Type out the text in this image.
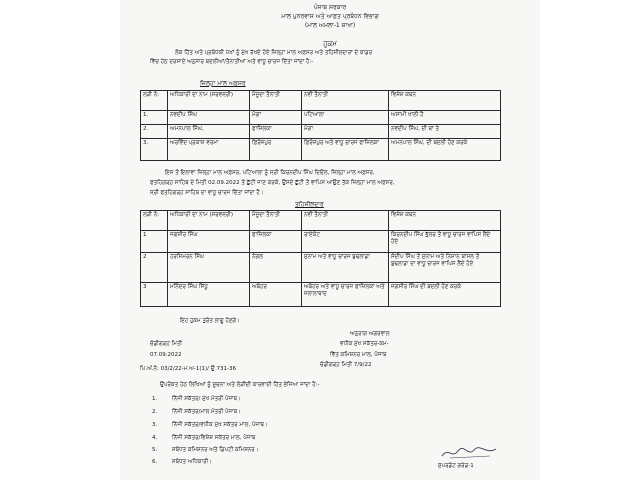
ਪੰਜਾਬ ਸਰਕਾਰ
ਮਾਲ ਪੁਨਰਵਾਸ ਅਤੇ ਆਫ਼ਤ ਪ੍ਰਬੰਧਨ ਵਿਭਾਗ
(ਮਾਲ ਅਮਲਾ-1 ਸ਼ਾਖਾ)
ਹੁਕਮ
ਲੋਕ ਹਿੱਤ ਅਤੇ ਪ੍ਰਬੰਧਕੀ ਪੱਖਾਂ ਨੂੰ ਮੁੱਖ ਰੱਖਦੇ ਹੋਏ ਜ਼ਿਲ੍ਹਾ ਮਾਲ ਅਫ਼ਸਰ ਅਤੇ ਤਹਿਸੀਲਦਾਰਾਂ ਦੇ ਕਾਡਰ
ਵਿੱਚ ਹੇਠ ਦਰਸਾਏ ਅਨੁਸਾਰ ਬਦਲੀਆਂ/ਤੈਨਾਤੀਆਂ ਅਤੇ ਵਾਧੂ ਚਾਰਜ ਦਿੱਤਾ ਜਾਂਦਾ ਹੈ:-
ਜ਼ਿਲ੍ਹਾ ਮਾਲ ਅਫ਼ਸਰ
ਲੜੀ ਨੰ:	ਅਧਿਕਾਰੀ ਦਾ ਨਾਮ (ਸਰਵਸ੍ਰੀ)	ਮੌਜੂਦਾ ਤੈਨਾਤੀ	ਨਵੀਂ ਤੈਨਾਤੀ	ਵਿਸ਼ੇਸ਼ ਕਥਨ
1.	ਨਵਦੀਪ ਸਿੰਘ	ਮੋਗਾ	ਪਟਿਆਲਾ	ਅਸਾਮੀ ਖਾਲੀ ਹੈ
2.	ਅਮਨਪਾਲ ਸਿੰਘ,	ਫਾਜ਼ਿਲਕਾ	ਮੋਗਾ	ਨਵਦੀਪ ਸਿੰਘ, ਦੀ ਥਾਂ ਤੇ
3.	ਅਰਵਿੰਦ ਪ੍ਰਕਾਸ਼ ਵਰਮਾ	ਫ਼ਿਰੋਜ਼ਪੁਰ	ਫ਼ਿਰੋਜ਼ਪੁਰ ਅਤੇ ਵਾਧੂ ਚਾਰਜ ਫਾਜ਼ਿਲਕਾ	ਅਮਨਪਾਲ ਸਿੰਘ, ਦੀ ਬਦਲੀ ਹੋਣ ਕਰਕੇ
ਇਸ ਤੋਂ ਇਲਾਵਾ ਜ਼ਿਲ੍ਹਾ ਮਾਲ ਅਫ਼ਸਰ, ਪਟਿਆਲਾ ਨੂੰ ਸ੍ਰੀ ਕਿਰਨਦੀਪ ਸਿੰਘ ਦਿਓਲ, ਜ਼ਿਲ੍ਹਾ ਮਾਲ ਅਫ਼ਸਰ,
ਫਤਹਿਗੜ੍ਹ ਸਾਹਿਬ ਦੇ ਮਿਤੀ 02.09.2022 ਤੋਂ ਛੁੱਟੀ ਜਾਣ ਕਰਕੇ, ਉਸਦੇ ਛੁੱਟੀ ਤੋਂ ਵਾਪਿਸ ਆਉਣ ਤੱਕ ਜ਼ਿਲ੍ਹਾ ਮਾਲ ਅਫ਼ਸਰ,
ਸ੍ਰੀ ਫਤਹਿਗੜ੍ਹ ਸਾਹਿਬ ਦਾ ਵਾਧੂ ਚਾਰਜ ਦਿੱਤਾ ਜਾਂਦਾ ਹੈ।
ਤਹਿਸੀਲਦਾਰ
ਲੜੀ ਨੰ:	ਅਧਿਕਾਰੀ ਦਾ ਨਾਮ (ਸਰਵਸ੍ਰੀ)	ਮੌਜੂਦਾ ਤੈਨਾਤੀ	ਨਵੀਂ ਤੈਨਾਤੀ	ਵਿਸ਼ੇਸ਼ ਕਥਨ
1	ਜਗਸੀਰ ਸਿੰਘ	ਫਾਜ਼ਿਲਕਾ	ਰਾਏਕੋਟ	ਕਿਰਨਦੀਪ ਸਿੰਘ ਭੁੱਲਰ ਤੋਂ ਵਾਧੂ ਚਾਰਜ ਵਾਪਿਸ ਲੈਂਦੇ ਹੋਏ
2	ਹਰਸਿਮਰਨ ਸਿੰਘ	ਨੰਗਲ	ਸੁਨਾਮ ਅਤੇ ਵਾਧੂ ਚਾਰਜ ਬੁਢਲਾਡਾ	ਸੰਦੀਪ ਸਿੰਘ ਤੋਂ ਸੁਨਾਮ ਅਤੇ ਨਿਸ਼ਾਨ ਬਾਂਸਲ ਤੋਂ ਬੁਢਲਾਡਾ ਦਾ ਵਾਧੂ ਚਾਰਜ ਵਾਪਿਸ ਲੈਂਦੇ ਹੋਏ
3	ਮਨਿੰਦਰ ਸਿੰਘ ਸਿੱਧੂ	ਅਬੋਹਰ	ਅਬੋਹਰ ਅਤੇ ਵਾਧੂ ਚਾਰਜ ਫਾਜ਼ਿਲਕਾ ਅਤੇ ਜਲਾਲਾਬਾਦ	ਜਗਸੀਰ ਸਿੰਘ ਦੀ ਬਦਲੀ ਹੋਣ ਕਰਕੇ
ਇਹ ਹੁਕਮ ਤੁਰੰਤ ਲਾਗੂ ਹੋਣਗੇ।
ਅਨੁਰਾਗ ਅਗਰਵਾਲ
ਚੰਡੀਗੜ੍ਹ ਮਿਤੀ	ਵਧੀਕ ਮੁੱਖ ਸਕੱਤਰ-ਕਮ-
07.09.2022	ਵਿੱਤ ਕਮਿਸ਼ਨਰ ਮਾਲ, ਪੰਜਾਬ
ਪਿ.ਅੰ.ਨੰ: 03/2/22-ਮ.ਅ-1(1)/ ਉ 731-36
ਚੰਡੀਗੜ੍ਹ ਮਿਤੀ 7/9/22
ਉਪਰੋਕਤ ਹੇਠ ਲਿਖਿਆਂ ਨੂੰ ਸੂਚਨਾ ਅਤੇ ਲੋੜੀਂਦੀ ਕਾਰਵਾਈ ਹਿੱਤ ਭੇਜਿਆ ਜਾਂਦਾ ਹੈ:-
1.	ਨਿੱਜੀ ਸਕੱਤਰ/ ਮੁੱਖ ਮੰਤਰੀ ਪੰਜਾਬ।
2.	ਨਿੱਜੀ ਸਕੱਤਰ/ਮਾਲ ਮੰਤਰੀ ਪੰਜਾਬ।
3.	ਨਿੱਜੀ ਸਕੱਤਰ/ਵਧੀਕ ਮੁੱਖ ਸਕੱਤਰ ਮਾਲ, ਪੰਜਾਬ।
4.	ਨਿੱਜੀ ਸਕੱਤਰ/ਵਿਸ਼ੇਸ਼ ਸਕੱਤਰ ਮਾਲ, ਪੰਜਾਬ
5.	ਸਬੰਧਤ ਕਮਿਸ਼ਨਰ ਅਤੇ ਡਿਪਟੀ ਕਮਿਸ਼ਨਰ।
6.	ਸਬੰਧਤ ਅਧਿਕਾਰੀ।
ਸੁਪਰਡੰਟ ਗਰੇਡ-1
